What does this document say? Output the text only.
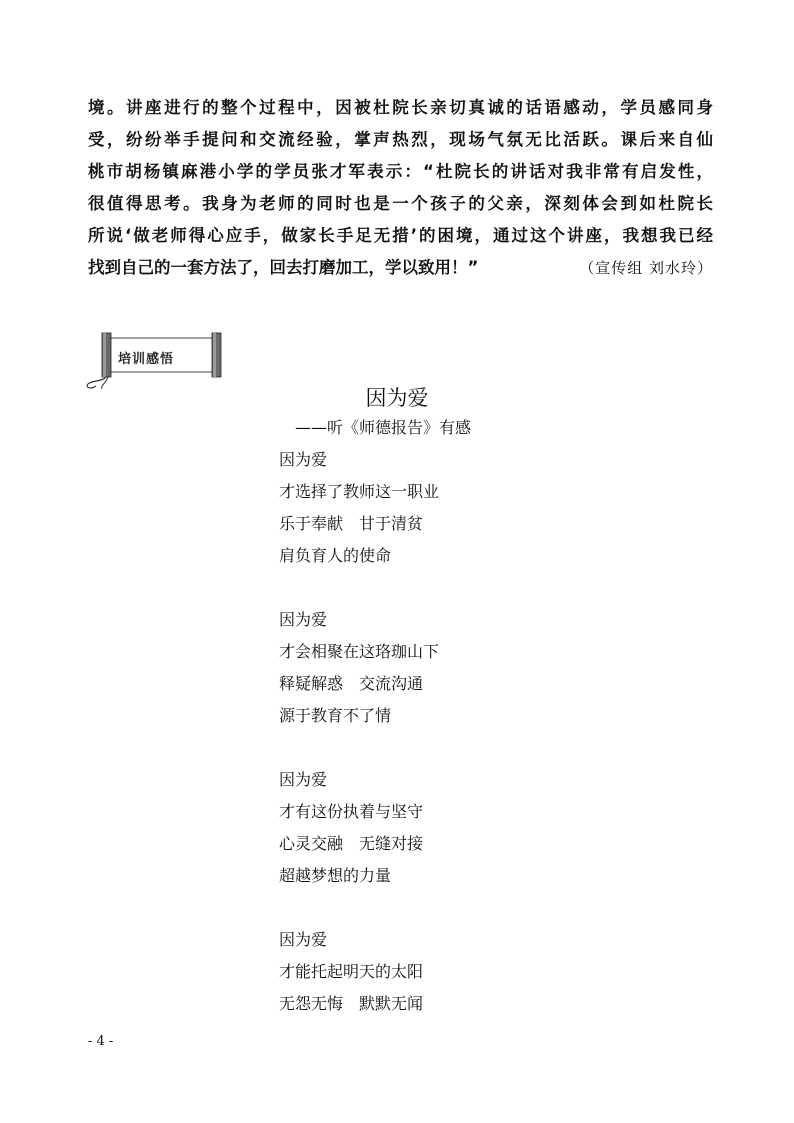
境。讲座进行的整个过程中，因被杜院长亲切真诚的话语感动，学员感同身
受，纷纷举手提问和交流经验，掌声热烈，现场气氛无比活跃。课后来自仙
桃市胡杨镇麻港小学的学员张才军表示：“杜院长的讲话对我非常有启发性，
很值得思考。我身为老师的同时也是一个孩子的父亲，深刻体会到如杜院长
所说‘做老师得心应手，做家长手足无措’的困境，通过这个讲座，我想我已经
找到自己的一套方法了，回去打磨加工，学以致用！”	（宣传组 刘水玲）
培训感悟
因为爱
——听《师德报告》有感
因为爱
才选择了教师这一职业
乐于奉献　甘于清贫
肩负育人的使命
因为爱
才会相聚在这珞珈山下
释疑解惑　交流沟通
源于教育不了情
因为爱
才有这份执着与坚守
心灵交融　无缝对接
超越梦想的力量
因为爱
才能托起明天的太阳
无怨无悔　默默无闻
- 4 -
